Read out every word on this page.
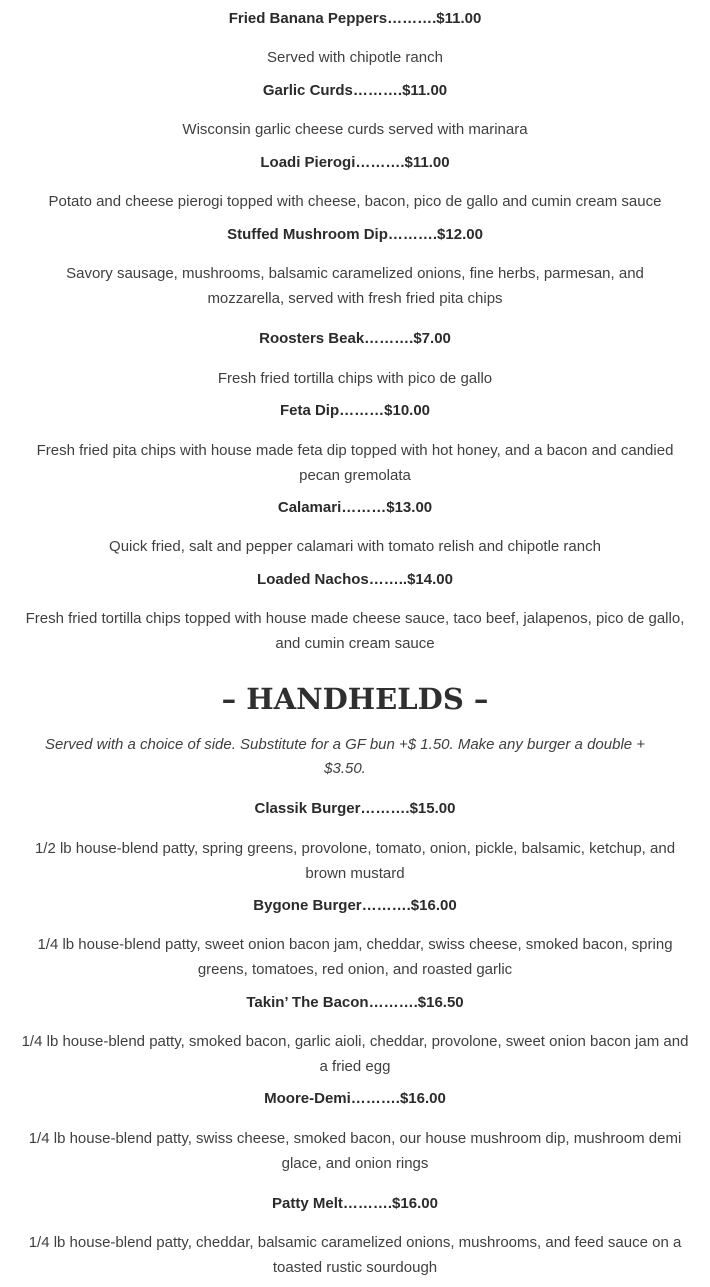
Fried Banana Peppers……….$11.00
Served with chipotle ranch
Garlic Curds……….$11.00
Wisconsin garlic cheese curds served with marinara
Loadi Pierogi……….$11.00
Potato and cheese pierogi topped with cheese, bacon, pico de gallo and cumin cream sauce
Stuffed Mushroom Dip……….$12.00
Savory sausage, mushrooms, balsamic caramelized onions, fine herbs, parmesan, and mozzarella, served with fresh fried pita chips
Roosters Beak……….$7.00
Fresh fried tortilla chips with pico de gallo
Feta Dip………$10.00
Fresh fried pita chips with house made feta dip topped with hot honey, and a bacon and candied pecan gremolata
Calamari………$13.00
Quick fried, salt and pepper calamari with tomato relish and chipotle ranch
Loaded Nachos……..$14.00
Fresh fried tortilla chips topped with house made cheese sauce, taco beef, jalapenos, pico de gallo, and cumin cream sauce
– HANDHELDS –
Served with a choice of side. Substitute for a GF bun +$ 1.50. Make any burger a double + $3.50.
Classik Burger……….$15.00
1/2 lb house-blend patty, spring greens, provolone, tomato, onion, pickle, balsamic, ketchup, and brown mustard
Bygone Burger……….$16.00
1/4 lb house-blend patty, sweet onion bacon jam, cheddar, swiss cheese, smoked bacon, spring greens, tomatoes, red onion, and roasted garlic
Takin’ The Bacon……….$16.50
1/4 lb house-blend patty, smoked bacon, garlic aioli, cheddar, provolone, sweet onion bacon jam and a fried egg
Moore-Demi……….$16.00
1/4 lb house-blend patty, swiss cheese, smoked bacon, our house mushroom dip, mushroom demi glace, and onion rings
Patty Melt……….$16.00
1/4 lb house-blend patty, cheddar, balsamic caramelized onions, mushrooms, and feed sauce on a toasted rustic sourdough
